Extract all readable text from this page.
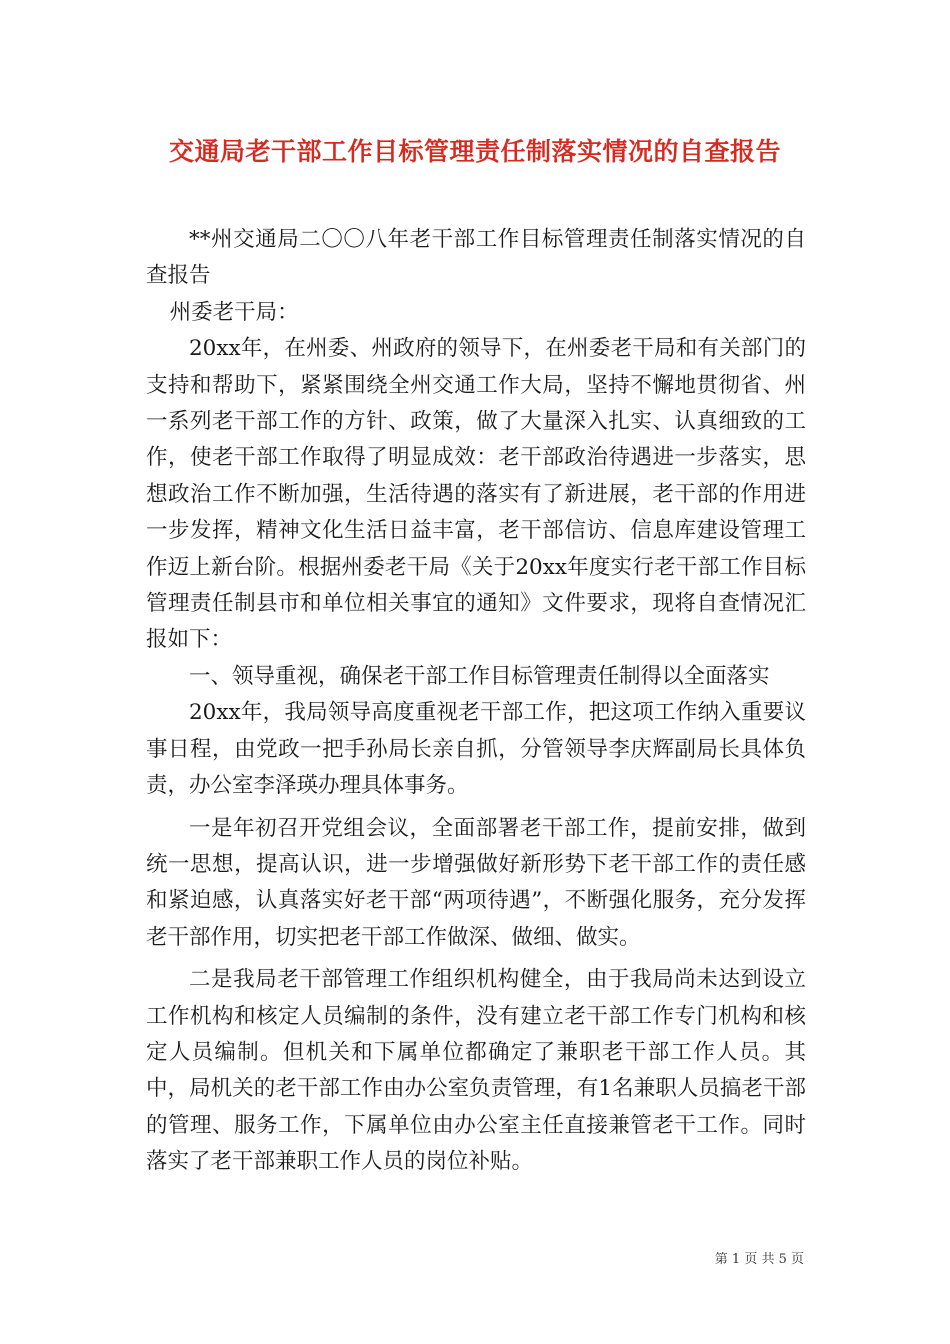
交通局老干部工作目标管理责任制落实情况的自查报告

**州交通局二〇〇八年老干部工作目标管理责任制落实情况的自查报告

州委老干局：

20xx年，在州委、州政府的领导下，在州委老干局和有关部门的支持和帮助下，紧紧围绕全州交通工作大局，坚持不懈地贯彻省、州一系列老干部工作的方针、政策，做了大量深入扎实、认真细致的工作，使老干部工作取得了明显成效：老干部政治待遇进一步落实，思想政治工作不断加强，生活待遇的落实有了新进展，老干部的作用进一步发挥，精神文化生活日益丰富，老干部信访、信息库建设管理工作迈上新台阶。根据州委老干局《关于20xx年度实行老干部工作目标管理责任制县市和单位相关事宜的通知》文件要求，现将自查情况汇报如下：

一、领导重视，确保老干部工作目标管理责任制得以全面落实

20xx年，我局领导高度重视老干部工作，把这项工作纳入重要议事日程，由党政一把手孙局长亲自抓，分管领导李庆辉副局长具体负责，办公室李泽瑛办理具体事务。

一是年初召开党组会议，全面部署老干部工作，提前安排，做到统一思想，提高认识，进一步增强做好新形势下老干部工作的责任感和紧迫感，认真落实好老干部“两项待遇”，不断强化服务，充分发挥老干部作用，切实把老干部工作做深、做细、做实。

二是我局老干部管理工作组织机构健全，由于我局尚未达到设立工作机构和核定人员编制的条件，没有建立老干部工作专门机构和核定人员编制。但机关和下属单位都确定了兼职老干部工作人员。其中，局机关的老干部工作由办公室负责管理，有1名兼职人员搞老干部的管理、服务工作，下属单位由办公室主任直接兼管老干工作。同时落实了老干部兼职工作人员的岗位补贴。

第 1 页 共 5 页
